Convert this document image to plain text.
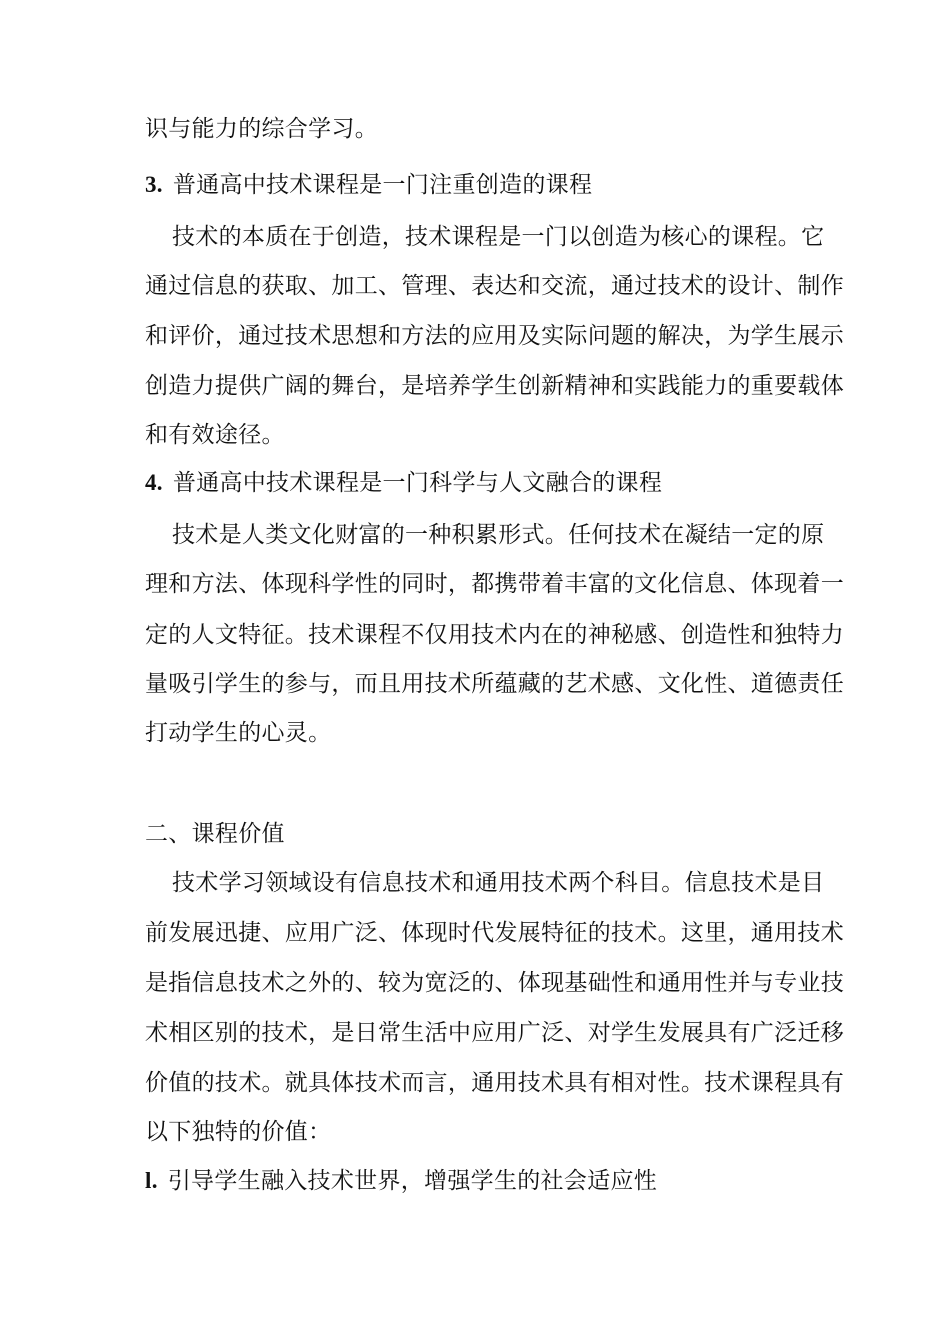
识与能力的综合学习。
3. 普通高中技术课程是一门注重创造的课程
技术的本质在于创造，技术课程是一门以创造为核心的课程。它
通过信息的获取、加工、管理、表达和交流，通过技术的设计、制作
和评价，通过技术思想和方法的应用及实际问题的解决，为学生展示
创造力提供广阔的舞台，是培养学生创新精神和实践能力的重要载体
和有效途径。
4. 普通高中技术课程是一门科学与人文融合的课程
技术是人类文化财富的一种积累形式。任何技术在凝结一定的原
理和方法、体现科学性的同时，都携带着丰富的文化信息、体现着一
定的人文特征。技术课程不仅用技术内在的神秘感、创造性和独特力
量吸引学生的参与，而且用技术所蕴藏的艺术感、文化性、道德责任
打动学生的心灵。
二、课程价值
技术学习领域设有信息技术和通用技术两个科目。信息技术是目
前发展迅捷、应用广泛、体现时代发展特征的技术。这里，通用技术
是指信息技术之外的、较为宽泛的、体现基础性和通用性并与专业技
术相区别的技术，是日常生活中应用广泛、对学生发展具有广泛迁移
价值的技术。就具体技术而言，通用技术具有相对性。技术课程具有
以下独特的价值：
l. 引导学生融入技术世界，增强学生的社会适应性
